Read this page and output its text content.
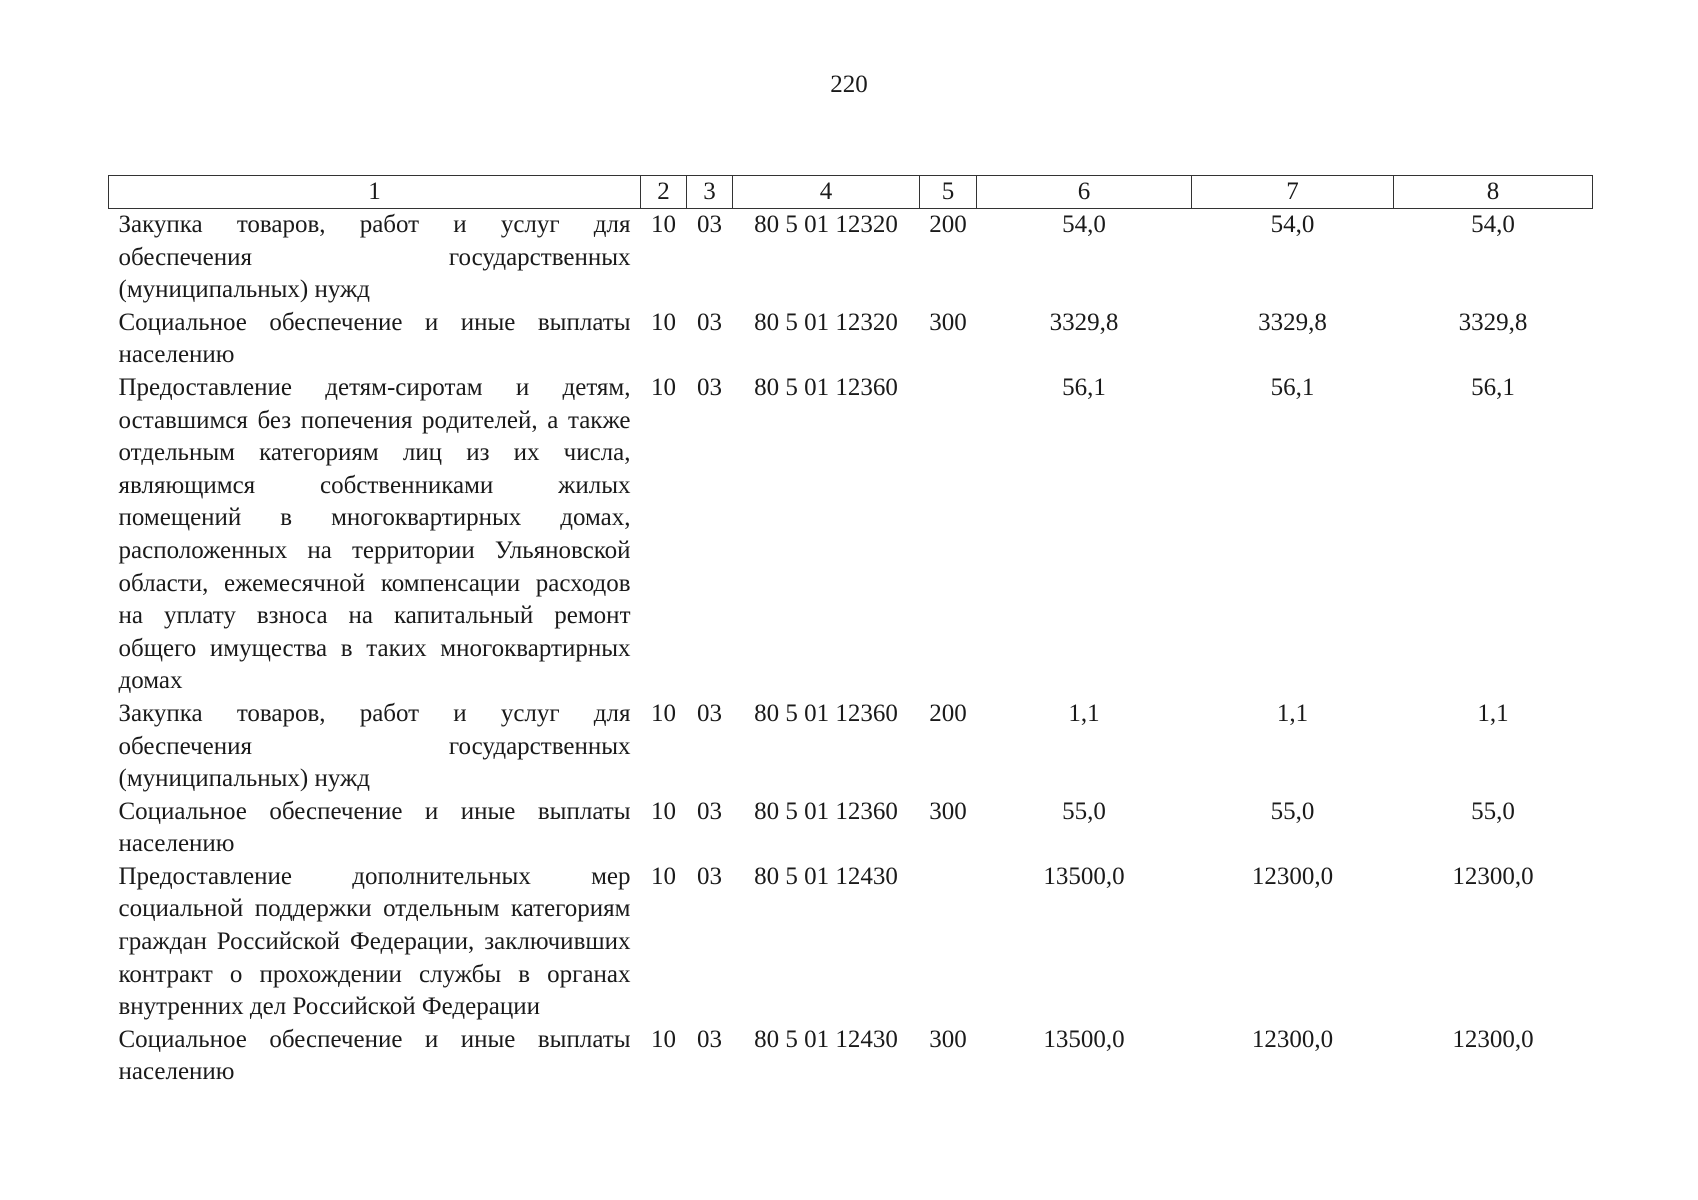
220
1	2	3	4	5	6	7	8
Закупка товаров, работ и услуг для обеспечения государственных (муниципальных) нужд	10	03	80 5 01 12320	200	54,0	54,0	54,0
Социальное обеспечение и иные выплаты населению	10	03	80 5 01 12320	300	3329,8	3329,8	3329,8
Предоставление детям-сиротам и детям, оставшимся без попечения родителей, а также отдельным категориям лиц из их числа, являющимся собственниками жилых помещений в многоквартирных домах, расположенных на территории Ульяновской области, ежемесячной компенсации расходов на уплату взноса на капитальный ремонт общего имущества в таких многоквартирных домах	10	03	80 5 01 12360		56,1	56,1	56,1
Закупка товаров, работ и услуг для обеспечения государственных (муниципальных) нужд	10	03	80 5 01 12360	200	1,1	1,1	1,1
Социальное обеспечение и иные выплаты населению	10	03	80 5 01 12360	300	55,0	55,0	55,0
Предоставление дополнительных мер социальной поддержки отдельным категориям граждан Российской Федерации, заключивших контракт о прохождении службы в органах внутренних дел Российской Федерации	10	03	80 5 01 12430		13500,0	12300,0	12300,0
Социальное обеспечение и иные выплаты населению	10	03	80 5 01 12430	300	13500,0	12300,0	12300,0
